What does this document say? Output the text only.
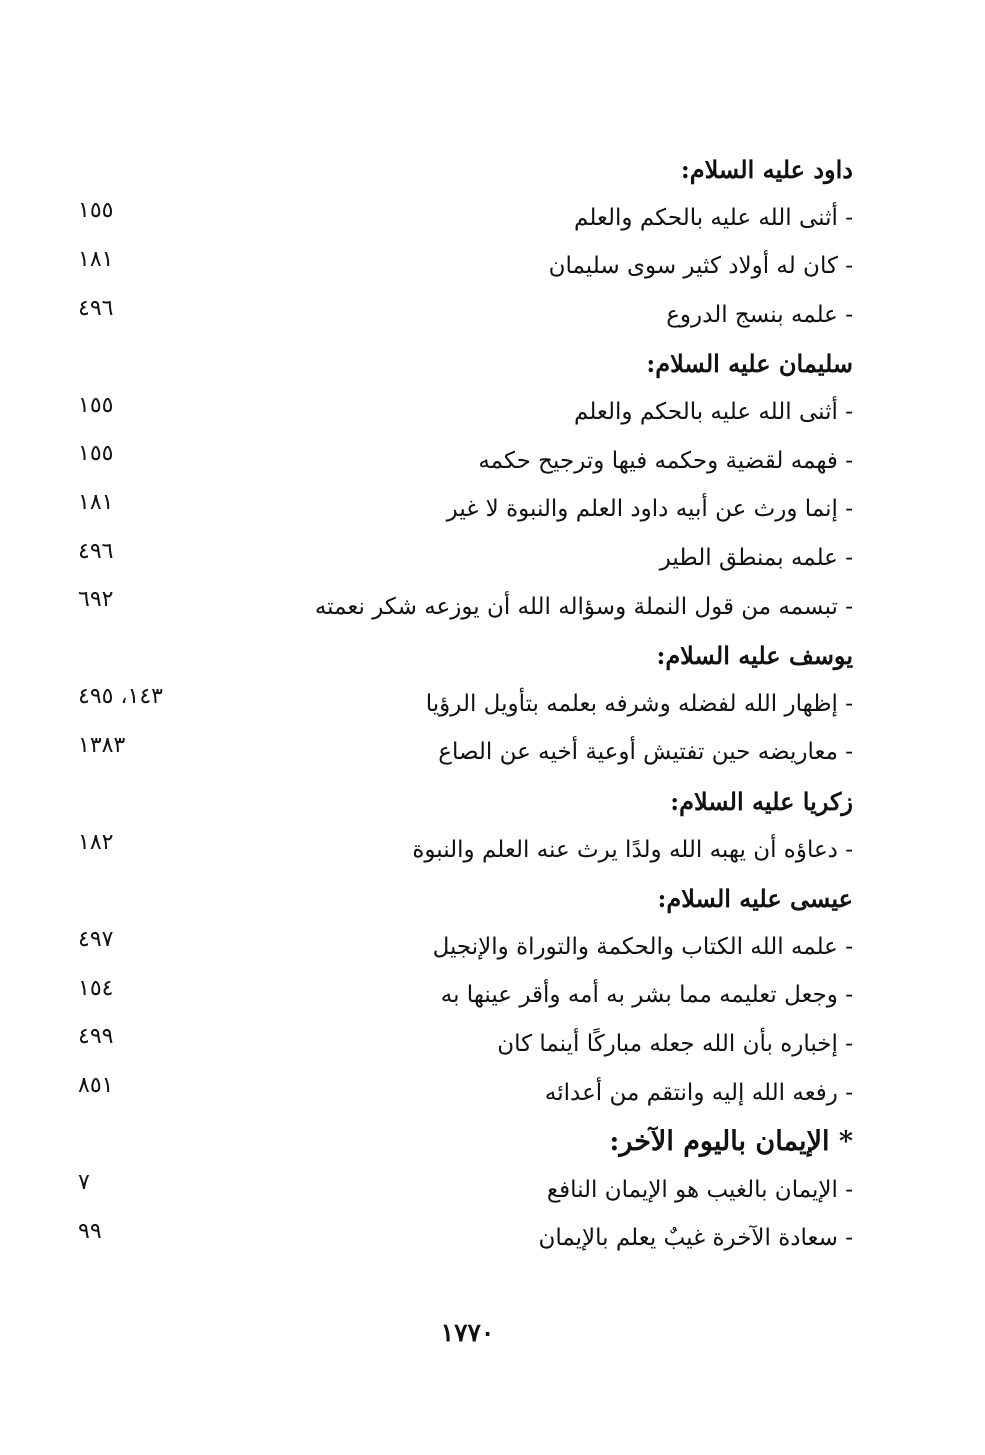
داود عليه السلام:
- أثنى الله عليه بالحكم والعلم
١٥٥
- كان له أولاد كثير سوى سليمان
١٨١
- علمه بنسج الدروع
٤٩٦
سليمان عليه السلام:
- أثنى الله عليه بالحكم والعلم
١٥٥
- فهمه لقضية وحكمه فيها وترجيح حكمه
١٥٥
- إنما ورث عن أبيه داود العلم والنبوة لا غير
١٨١
- علمه بمنطق الطير
٤٩٦
- تبسمه من قول النملة وسؤاله الله أن يوزعه شكر نعمته
٦٩٢
يوسف عليه السلام:
- إظهار الله لفضله وشرفه بعلمه بتأويل الرؤيا
١٤٣، ٤٩٥
- معاريضه حين تفتيش أوعية أخيه عن الصاع
١٣٨٣
زكريا عليه السلام:
- دعاؤه أن يهبه الله ولدًا يرث عنه العلم والنبوة
١٨٢
عيسى عليه السلام:
- علمه الله الكتاب والحكمة والتوراة والإنجيل
٤٩٧
- وجعل تعليمه مما بشر به أمه وأقر عينها به
١٥٤
- إخباره بأن الله جعله مباركًا أينما كان
٤٩٩
- رفعه الله إليه وانتقم من أعدائه
٨٥١
* الإيمان باليوم الآخر:
- الإيمان بالغيب هو الإيمان النافع
٧
- سعادة الآخرة غيبٌ يعلم بالإيمان
٩٩
١٧٧٠
